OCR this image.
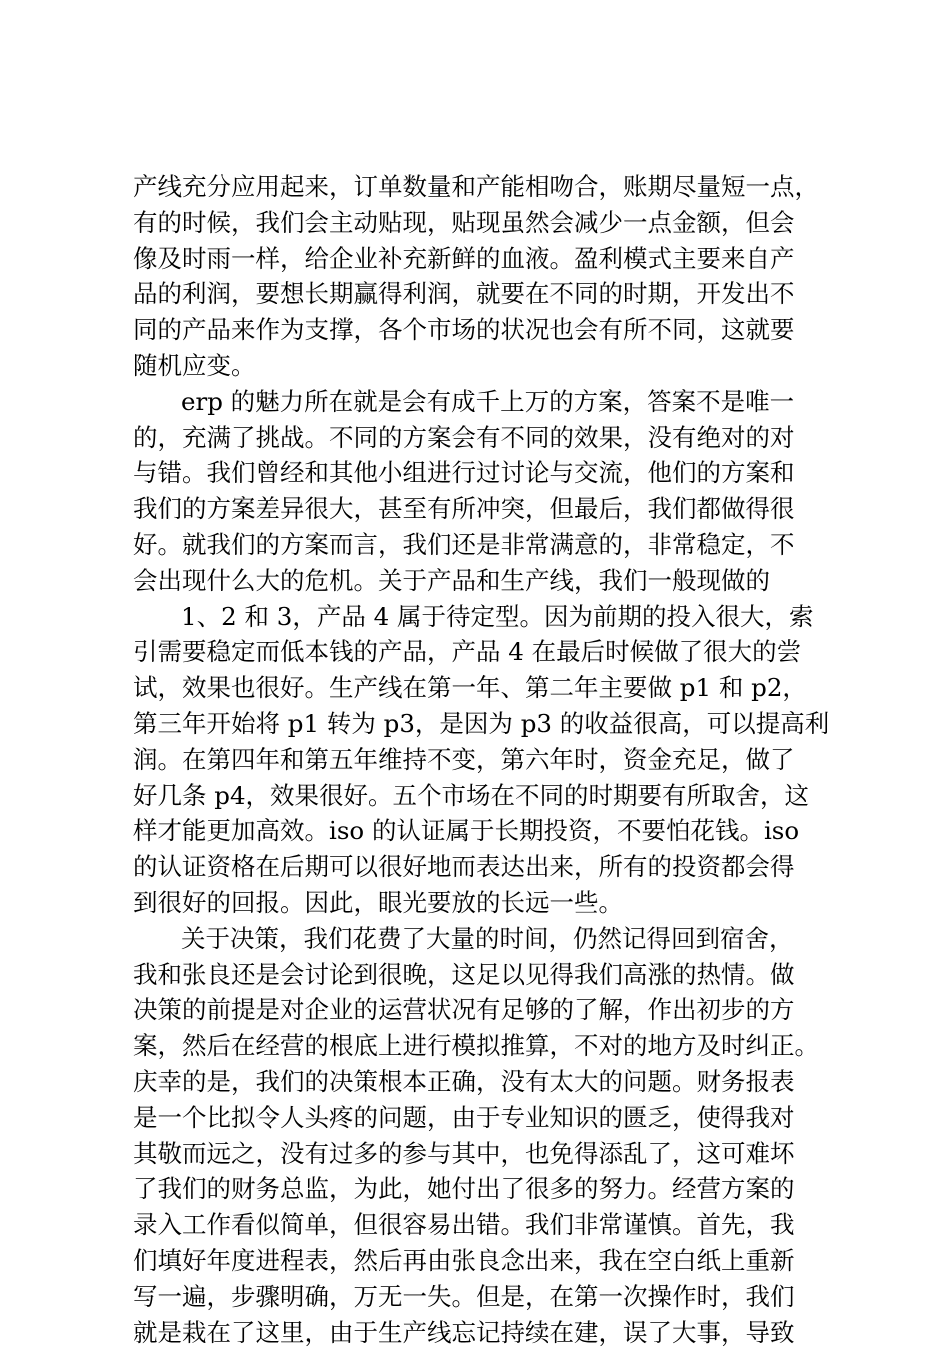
产线充分应用起来，订单数量和产能相吻合，账期尽量短一点，
有的时候，我们会主动贴现，贴现虽然会减少一点金额，但会
像及时雨一样，给企业补充新鲜的血液。盈利模式主要来自产
品的利润，要想长期赢得利润，就要在不同的时期，开发出不
同的产品来作为支撑，各个市场的状况也会有所不同，这就要
随机应变。
erp 的魅力所在就是会有成千上万的方案，答案不是唯一
的，充满了挑战。不同的方案会有不同的效果，没有绝对的对
与错。我们曾经和其他小组进行过讨论与交流，他们的方案和
我们的方案差异很大，甚至有所冲突，但最后，我们都做得很
好。就我们的方案而言，我们还是非常满意的，非常稳定，不
会出现什么大的危机。关于产品和生产线，我们一般现做的
1、2 和 3，产品 4 属于待定型。因为前期的投入很大，索
引需要稳定而低本钱的产品，产品 4 在最后时候做了很大的尝
试，效果也很好。生产线在第一年、第二年主要做 p1 和 p2，
第三年开始将 p1 转为 p3，是因为 p3 的收益很高，可以提高利
润。在第四年和第五年维持不变，第六年时，资金充足，做了
好几条 p4，效果很好。五个市场在不同的时期要有所取舍，这
样才能更加高效。iso 的认证属于长期投资，不要怕花钱。iso
的认证资格在后期可以很好地而表达出来，所有的投资都会得
到很好的回报。因此，眼光要放的长远一些。
关于决策，我们花费了大量的时间，仍然记得回到宿舍，
我和张良还是会讨论到很晚，这足以见得我们高涨的热情。做
决策的前提是对企业的运营状况有足够的了解，作出初步的方
案，然后在经营的根底上进行模拟推算，不对的地方及时纠正。
庆幸的是，我们的决策根本正确，没有太大的问题。财务报表
是一个比拟令人头疼的问题，由于专业知识的匮乏，使得我对
其敬而远之，没有过多的参与其中，也免得添乱了，这可难坏
了我们的财务总监，为此，她付出了很多的努力。经营方案的
录入工作看似简单，但很容易出错。我们非常谨慎。首先，我
们填好年度进程表，然后再由张良念出来，我在空白纸上重新
写一遍，步骤明确，万无一失。但是，在第一次操作时，我们
就是栽在了这里，由于生产线忘记持续在建，误了大事，导致
